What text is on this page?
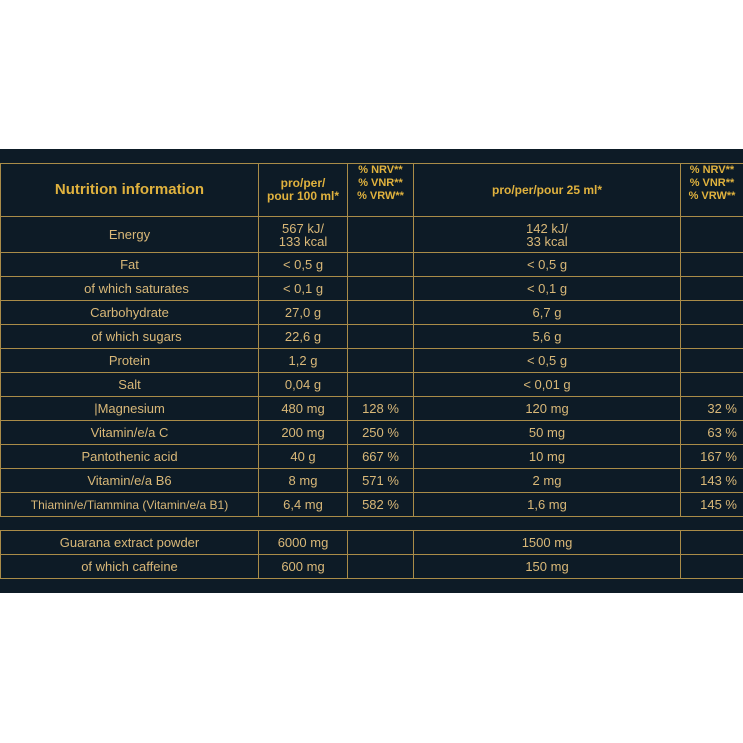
Nutrition information	pro/per/
pour 100 ml*	% NRV**
% VNR**
% VRW**	pro/per/pour 25 ml*	% NRV**
% VNR**
% VRW**
Energy	567 kJ/
133 kcal		142 kJ/
33 kcal	
Fat	< 0,5 g		< 0,5 g	
of which saturates	< 0,1 g		< 0,1 g	
Carbohydrate	27,0 g		6,7 g	
of which sugars	22,6 g		5,6 g	
Protein	1,2 g		< 0,5 g	
Salt	0,04 g		< 0,01 g	
|Magnesium	480 mg	128 %	120 mg	32 %
Vitamin/e/a C	200 mg	250 %	50 mg	63 %
Pantothenic acid	40 g	667 %	10 mg	167 %
Vitamin/e/a B6	8 mg	571 %	2 mg	143 %
Thiamin/e/Tiammina (Vitamin/e/a B1)	6,4 mg	582 %	1,6 mg	145 %

Guarana extract powder	6000 mg		1500 mg	
of which caffeine	600 mg		150 mg	
